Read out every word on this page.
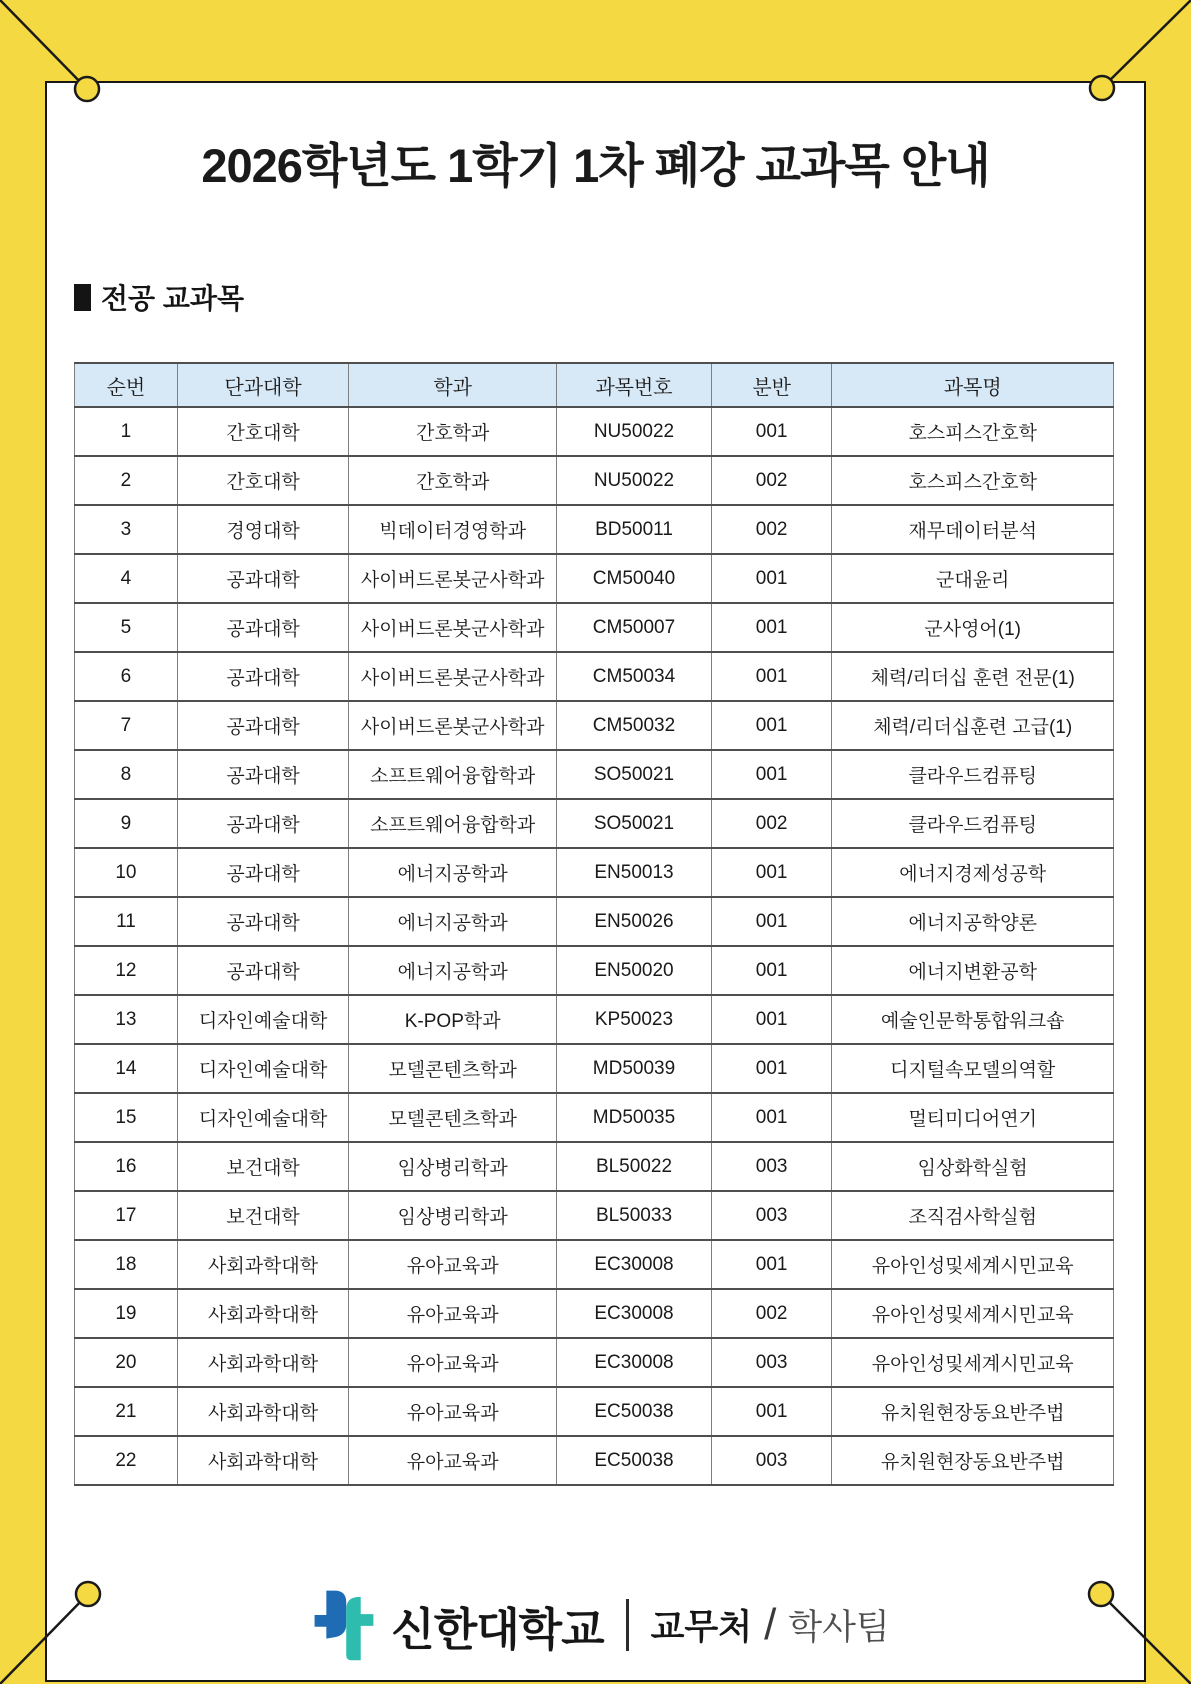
2026학년도 1학기 1차 폐강 교과목 안내
전공 교과목
순번	단과대학	학과	과목번호	분반	과목명
1	간호대학	간호학과	NU50022	001	호스피스간호학
2	간호대학	간호학과	NU50022	002	호스피스간호학
3	경영대학	빅데이터경영학과	BD50011	002	재무데이터분석
4	공과대학	사이버드론봇군사학과	CM50040	001	군대윤리
5	공과대학	사이버드론봇군사학과	CM50007	001	군사영어(1)
6	공과대학	사이버드론봇군사학과	CM50034	001	체력/리더십 훈련 전문(1)
7	공과대학	사이버드론봇군사학과	CM50032	001	체력/리더십훈련 고급(1)
8	공과대학	소프트웨어융합학과	SO50021	001	클라우드컴퓨팅
9	공과대학	소프트웨어융합학과	SO50021	002	클라우드컴퓨팅
10	공과대학	에너지공학과	EN50013	001	에너지경제성공학
11	공과대학	에너지공학과	EN50026	001	에너지공학양론
12	공과대학	에너지공학과	EN50020	001	에너지변환공학
13	디자인예술대학	K-POP학과	KP50023	001	예술인문학통합워크숍
14	디자인예술대학	모델콘텐츠학과	MD50039	001	디지털속모델의역할
15	디자인예술대학	모델콘텐츠학과	MD50035	001	멀티미디어연기
16	보건대학	임상병리학과	BL50022	003	임상화학실험
17	보건대학	임상병리학과	BL50033	003	조직검사학실험
18	사회과학대학	유아교육과	EC30008	001	유아인성및세계시민교육
19	사회과학대학	유아교육과	EC30008	002	유아인성및세계시민교육
20	사회과학대학	유아교육과	EC30008	003	유아인성및세계시민교육
21	사회과학대학	유아교육과	EC50038	001	유치원현장동요반주법
22	사회과학대학	유아교육과	EC50038	003	유치원현장동요반주법
신한대학교 교무처 / 학사팀
